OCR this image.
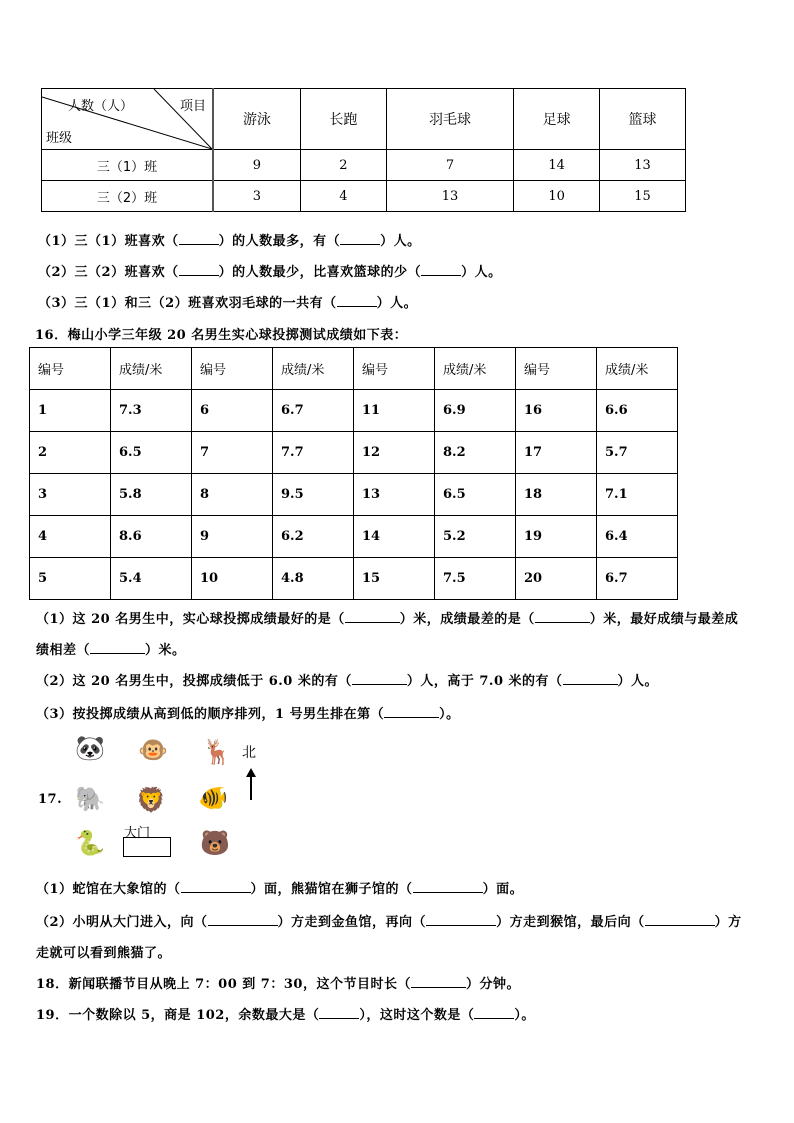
人数（人） 项目
班级	游泳	长跑	羽毛球	足球	篮球
三（1）班	9	2	7	14	13
三（2）班	3	4	13	10	15
（1）三（1）班喜欢（	）的人数最多，有（	）人。
（2）三（2）班喜欢（	）的人数最少，比喜欢篮球的少（	）人。
（3）三（1）和三（2）班喜欢羽毛球的一共有（	）人。
16．梅山小学三年级 20 名男生实心球投掷测试成绩如下表：
编号	成绩/米	编号	成绩/米	编号	成绩/米	编号	成绩/米
1	7.3	6	6.7	11	6.9	16	6.6
2	6.5	7	7.7	12	8.2	17	5.7
3	5.8	8	9.5	13	6.5	18	7.1
4	8.6	9	6.2	14	5.2	19	6.4
5	5.4	10	4.8	15	7.5	20	6.7
（1）这 20 名男生中，实心球投掷成绩最好的是（	）米，成绩最差的是（	）米，最好成绩与最差成
绩相差（	）米。
（2）这 20 名男生中，投掷成绩低于 6.0 米的有（	）人，高于 7.0 米的有（	）人。
（3）按投掷成绩从高到低的顺序排列，1 号男生排在第（	）。
🐼 🐵 🦌 北
17. 🐘 🦁 🐠
🐍 大门 🐻
（1）蛇馆在大象馆的（	）面，熊猫馆在狮子馆的（	）面。
（2）小明从大门进入，向（	）方走到金鱼馆，再向（	）方走到猴馆，最后向（	）方
走就可以看到熊猫了。
18．新闻联播节目从晚上 7：00 到 7：30，这个节目时长（	）分钟。
19．一个数除以 5，商是 102，余数最大是（	），这时这个数是（	）。
